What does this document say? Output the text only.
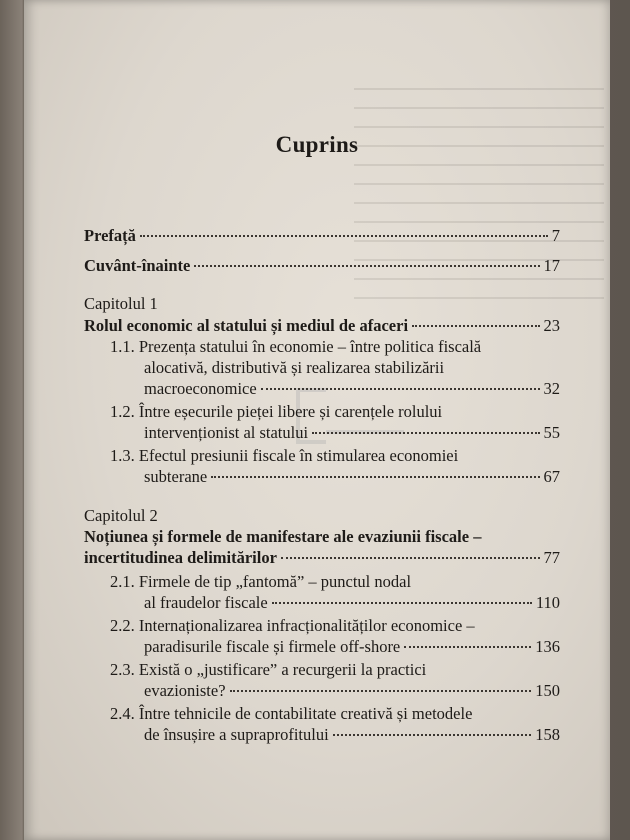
Cuprins
Prefață	7
Cuvânt-înainte	17
Capitolul 1
Rolul economic al statului și mediul de afaceri	23
1.1. Prezența statului în economie – între politica fiscală
alocativă, distributivă și realizarea stabilizării
macroeconomice	32
1.2. Între eșecurile pieței libere și carențele rolului
intervenționist al statului	55
1.3. Efectul presiunii fiscale în stimularea economiei
subterane	67
Capitolul 2
Noțiunea și formele de manifestare ale evaziunii fiscale –
incertitudinea delimitărilor	77
2.1. Firmele de tip „fantomă” – punctul nodal
al fraudelor fiscale	110
2.2. Internaționalizarea infracționalităților economice –
paradisurile fiscale și firmele off-shore	136
2.3. Există o „justificare” a recurgerii la practici
evazioniste?	150
2.4. Între tehnicile de contabilitate creativă și metodele
de însușire a supraprofitului	158
